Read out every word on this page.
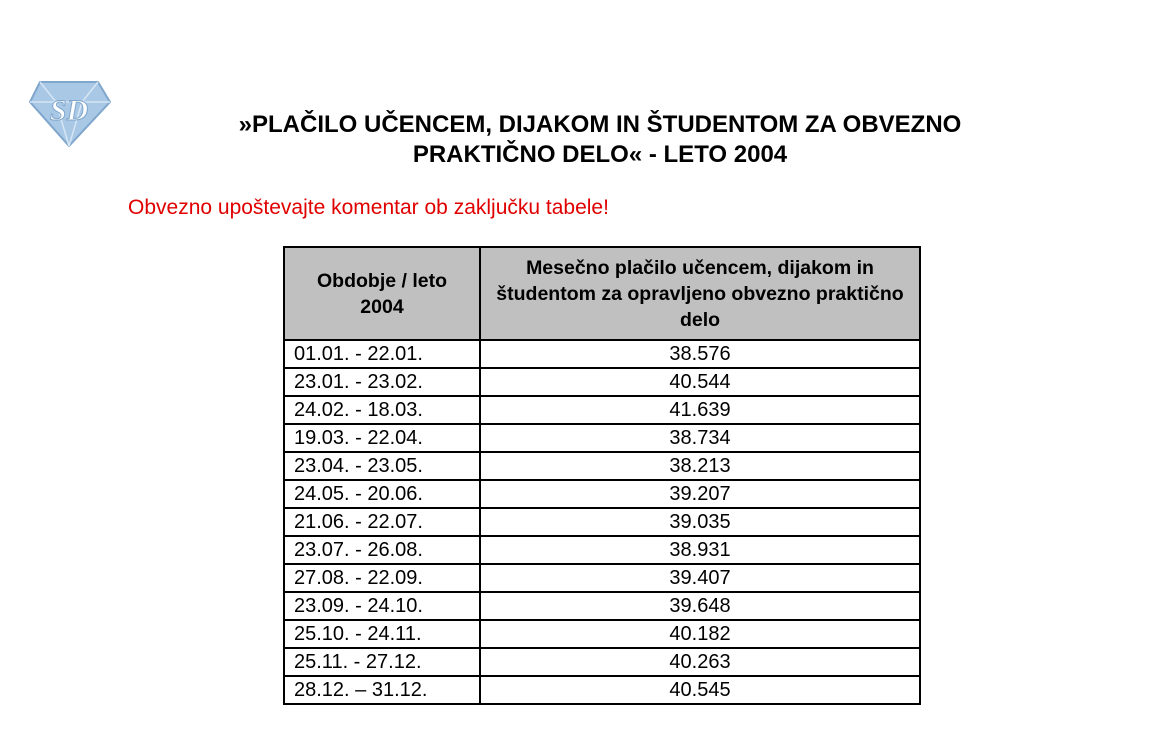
SD	»PLAČILO UČENCEM, DIJAKOM IN ŠTUDENTOM ZA OBVEZNO
PRAKTIČNO DELO« - LETO 2004
Obvezno upoštevajte komentar ob zaključku tabele!
Obdobje / leto 2004	Mesečno plačilo učencem, dijakom in študentom za opravljeno obvezno praktično delo
01.01. - 22.01.	38.576
23.01. - 23.02.	40.544
24.02. - 18.03.	41.639
19.03. - 22.04.	38.734
23.04. - 23.05.	38.213
24.05. - 20.06.	39.207
21.06. - 22.07.	39.035
23.07. - 26.08.	38.931
27.08. - 22.09.	39.407
23.09. - 24.10.	39.648
25.10. - 24.11.	40.182
25.11. - 27.12.	40.263
28.12. – 31.12.	40.545
